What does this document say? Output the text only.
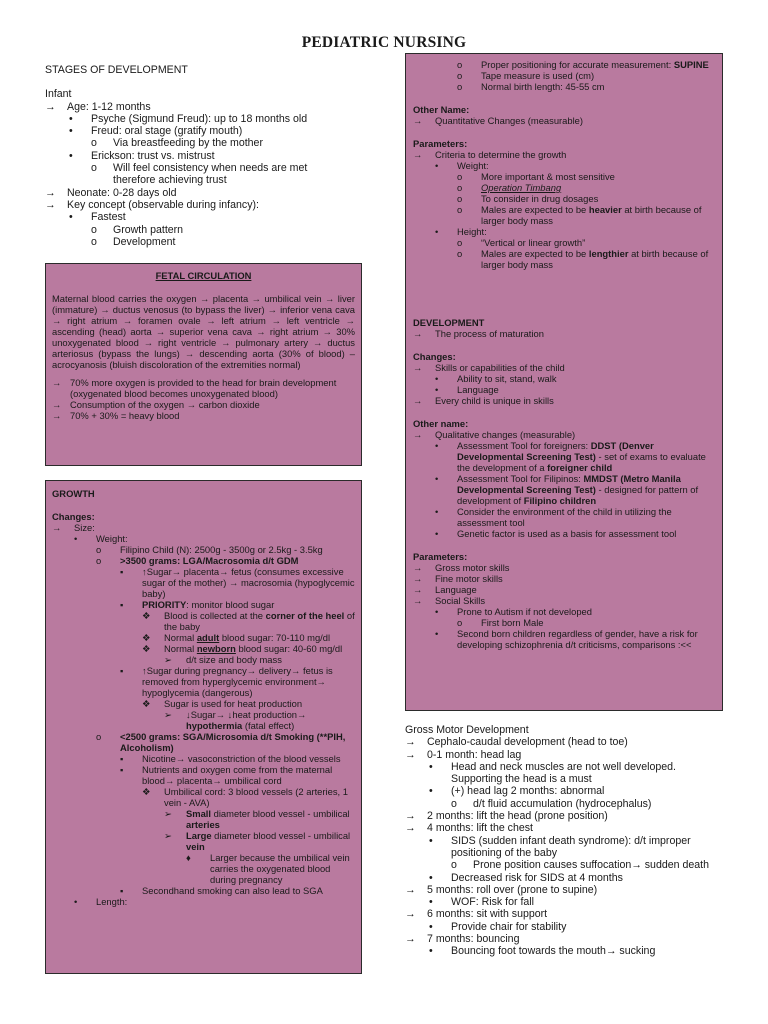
PEDIATRIC NURSING
STAGES OF DEVELOPMENT
Infant
→	Age: 1-12 months
•	Psyche (Sigmund Freud): up to 18 months old
•	Freud: oral stage (gratify mouth)
o	Via breastfeeding by the mother
•	Erickson: trust vs. mistrust
o	Will feel consistency when needs are met therefore achieving trust
→	Neonate: 0-28 days old
→	Key concept (observable during infancy):
•	Fastest
o	Growth pattern
o	Development
FETAL CIRCULATION
Maternal blood carries the oxygen → placenta → umbilical vein → liver (immature) → ductus venosus (to bypass the liver) → inferior vena cava → right atrium → foramen ovale → left atrium → left ventricle → ascending (head) aorta → superior vena cava → right atrium → 30% unoxygenated blood → right ventricle → pulmonary artery → ductus arteriosus (bypass the lungs) → descending aorta (30% of blood) – acrocyanosis (bluish discoloration of the extremities normal)
→ 70% more oxygen is provided to the head for brain development (oxygenated blood becomes unoxygenated blood)
→ Consumption of the oxygen → carbon dioxide
→ 70% + 30% = heavy blood
GROWTH
Changes:
→	Size:
•	Weight:
o	Filipino Child (N): 2500g - 3500g or 2.5kg - 3.5kg
o	>3500 grams: LGA/Macrosomia d/t GDM
▪	↑Sugar→ placenta→ fetus (consumes excessive sugar of the mother) → macrosomia (hypoglycemic baby)
▪	PRIORITY: monitor blood sugar
❖	Blood is collected at the corner of the heel of the baby
❖	Normal adult blood sugar: 70-110 mg/dl
❖	Normal newborn blood sugar: 40-60 mg/dl
➢	d/t size and body mass
▪	↑Sugar during pregnancy→ delivery→ fetus is removed from hyperglycemic environment→ hypoglycemia (dangerous)
❖	Sugar is used for heat production
➢	↓Sugar→ ↓heat production→ hypothermia (fatal effect)
o	<2500 grams: SGA/Microsomia d/t Smoking (**PIH, Alcoholism)
▪	Nicotine→ vasoconstriction of the blood vessels
▪	Nutrients and oxygen come from the maternal blood→ placenta→ umbilical cord
❖	Umbilical cord: 3 blood vessels (2 arteries, 1 vein - AVA)
➢	Small diameter blood vessel - umbilical arteries
➢	Large diameter blood vessel - umbilical vein
♦	Larger because the umbilical vein carries the oxygenated blood during pregnancy
▪	Secondhand smoking can also lead to SGA
•	Length:
o	Proper positioning for accurate measurement: SUPINE
o	Tape measure is used (cm)
o	Normal birth length: 45-55 cm
Other Name:
→	Quantitative Changes (measurable)
Parameters:
→	Criteria to determine the growth
•	Weight:
o	More important & most sensitive
o	Operation Timbang
o	To consider in drug dosages
o	Males are expected to be heavier at birth because of larger body mass
•	Height:
o	“Vertical or linear growth”
o	Males are expected to be lengthier at birth because of larger body mass
DEVELOPMENT
→	The process of maturation
Changes:
→	Skills or capabilities of the child
•	Ability to sit, stand, walk
•	Language
→	Every child is unique in skills
Other name:
→	Qualitative changes (measurable)
•	Assessment Tool for foreigners: DDST (Denver Developmental Screening Test) - set of exams to evaluate the development of a foreigner child
•	Assessment Tool for Filipinos: MMDST (Metro Manila Developmental Screening Test) - designed for pattern of development of Filipino children
•	Consider the environment of the child in utilizing the assessment tool
•	Genetic factor is used as a basis for assessment tool
Parameters:
→	Gross motor skills
→	Fine motor skills
→	Language
→	Social Skills
•	Prone to Autism if not developed
o	First born Male
•	Second born children regardless of gender, have a risk for developing schizophrenia d/t criticisms, comparisons :<<
Gross Motor Development
→	Cephalo-caudal development (head to toe)
→	0-1 month: head lag
•	Head and neck muscles are not well developed. Supporting the head is a must
•	(+) head lag 2 months: abnormal
o	d/t fluid accumulation (hydrocephalus)
→	2 months: lift the head (prone position)
→	4 months: lift the chest
•	SIDS (sudden infant death syndrome): d/t improper positioning of the baby
o	Prone position causes suffocation→ sudden death
•	Decreased risk for SIDS at 4 months
→	5 months: roll over (prone to supine)
•	WOF: Risk for fall
→	6 months: sit with support
•	Provide chair for stability
→	7 months: bouncing
•	Bouncing foot towards the mouth→ sucking
